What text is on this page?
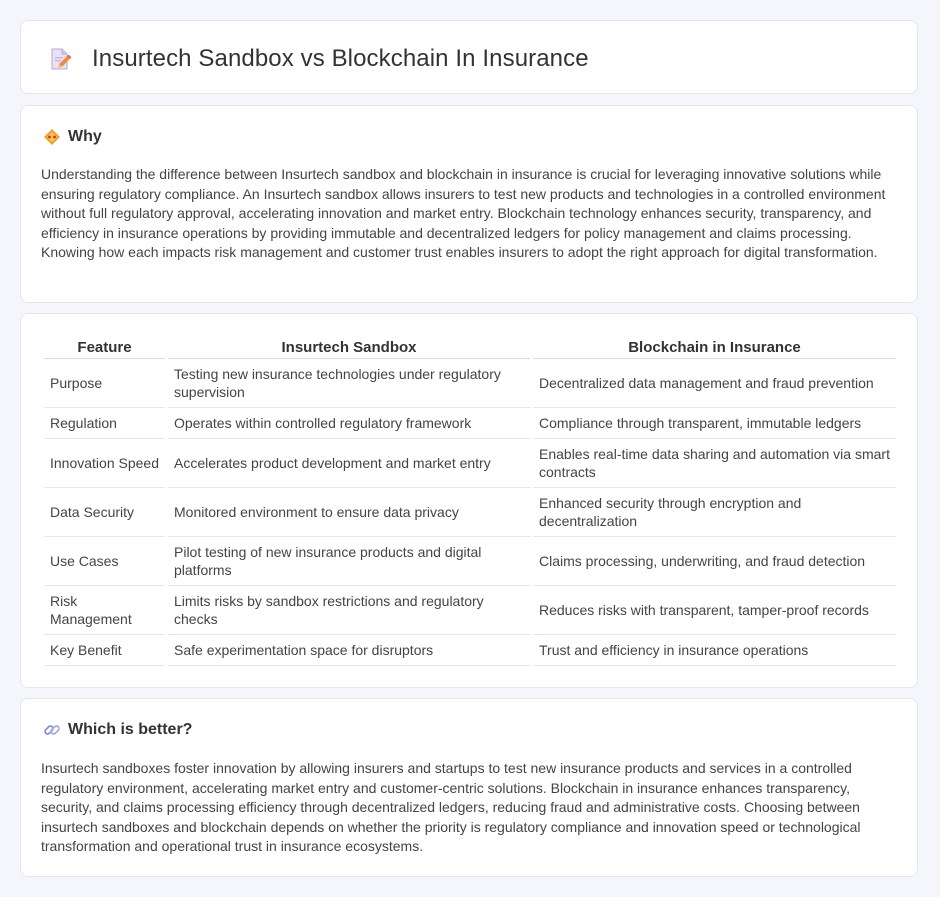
Insurtech Sandbox vs Blockchain In Insurance
Why

Understanding the difference between Insurtech sandbox and blockchain in insurance is crucial for leveraging innovative solutions while ensuring regulatory compliance. An Insurtech sandbox allows insurers to test new products and technologies in a controlled environment without full regulatory approval, accelerating innovation and market entry. Blockchain technology enhances security, transparency, and efficiency in insurance operations by providing immutable and decentralized ledgers for policy management and claims processing. Knowing how each impacts risk management and customer trust enables insurers to adopt the right approach for digital transformation.

Feature	Insurtech Sandbox	Blockchain in Insurance
Purpose	Testing new insurance technologies under regulatory supervision	Decentralized data management and fraud prevention
Regulation	Operates within controlled regulatory framework	Compliance through transparent, immutable ledgers
Innovation Speed	Accelerates product development and market entry	Enables real-time data sharing and automation via smart contracts
Data Security	Monitored environment to ensure data privacy	Enhanced security through encryption and decentralization
Use Cases	Pilot testing of new insurance products and digital platforms	Claims processing, underwriting, and fraud detection
Risk Management	Limits risks by sandbox restrictions and regulatory checks	Reduces risks with transparent, tamper-proof records
Key Benefit	Safe experimentation space for disruptors	Trust and efficiency in insurance operations
Which is better?

Insurtech sandboxes foster innovation by allowing insurers and startups to test new insurance products and services in a controlled regulatory environment, accelerating market entry and customer-centric solutions. Blockchain in insurance enhances transparency, security, and claims processing efficiency through decentralized ledgers, reducing fraud and administrative costs. Choosing between insurtech sandboxes and blockchain depends on whether the priority is regulatory compliance and innovation speed or technological transformation and operational trust in insurance ecosystems.
